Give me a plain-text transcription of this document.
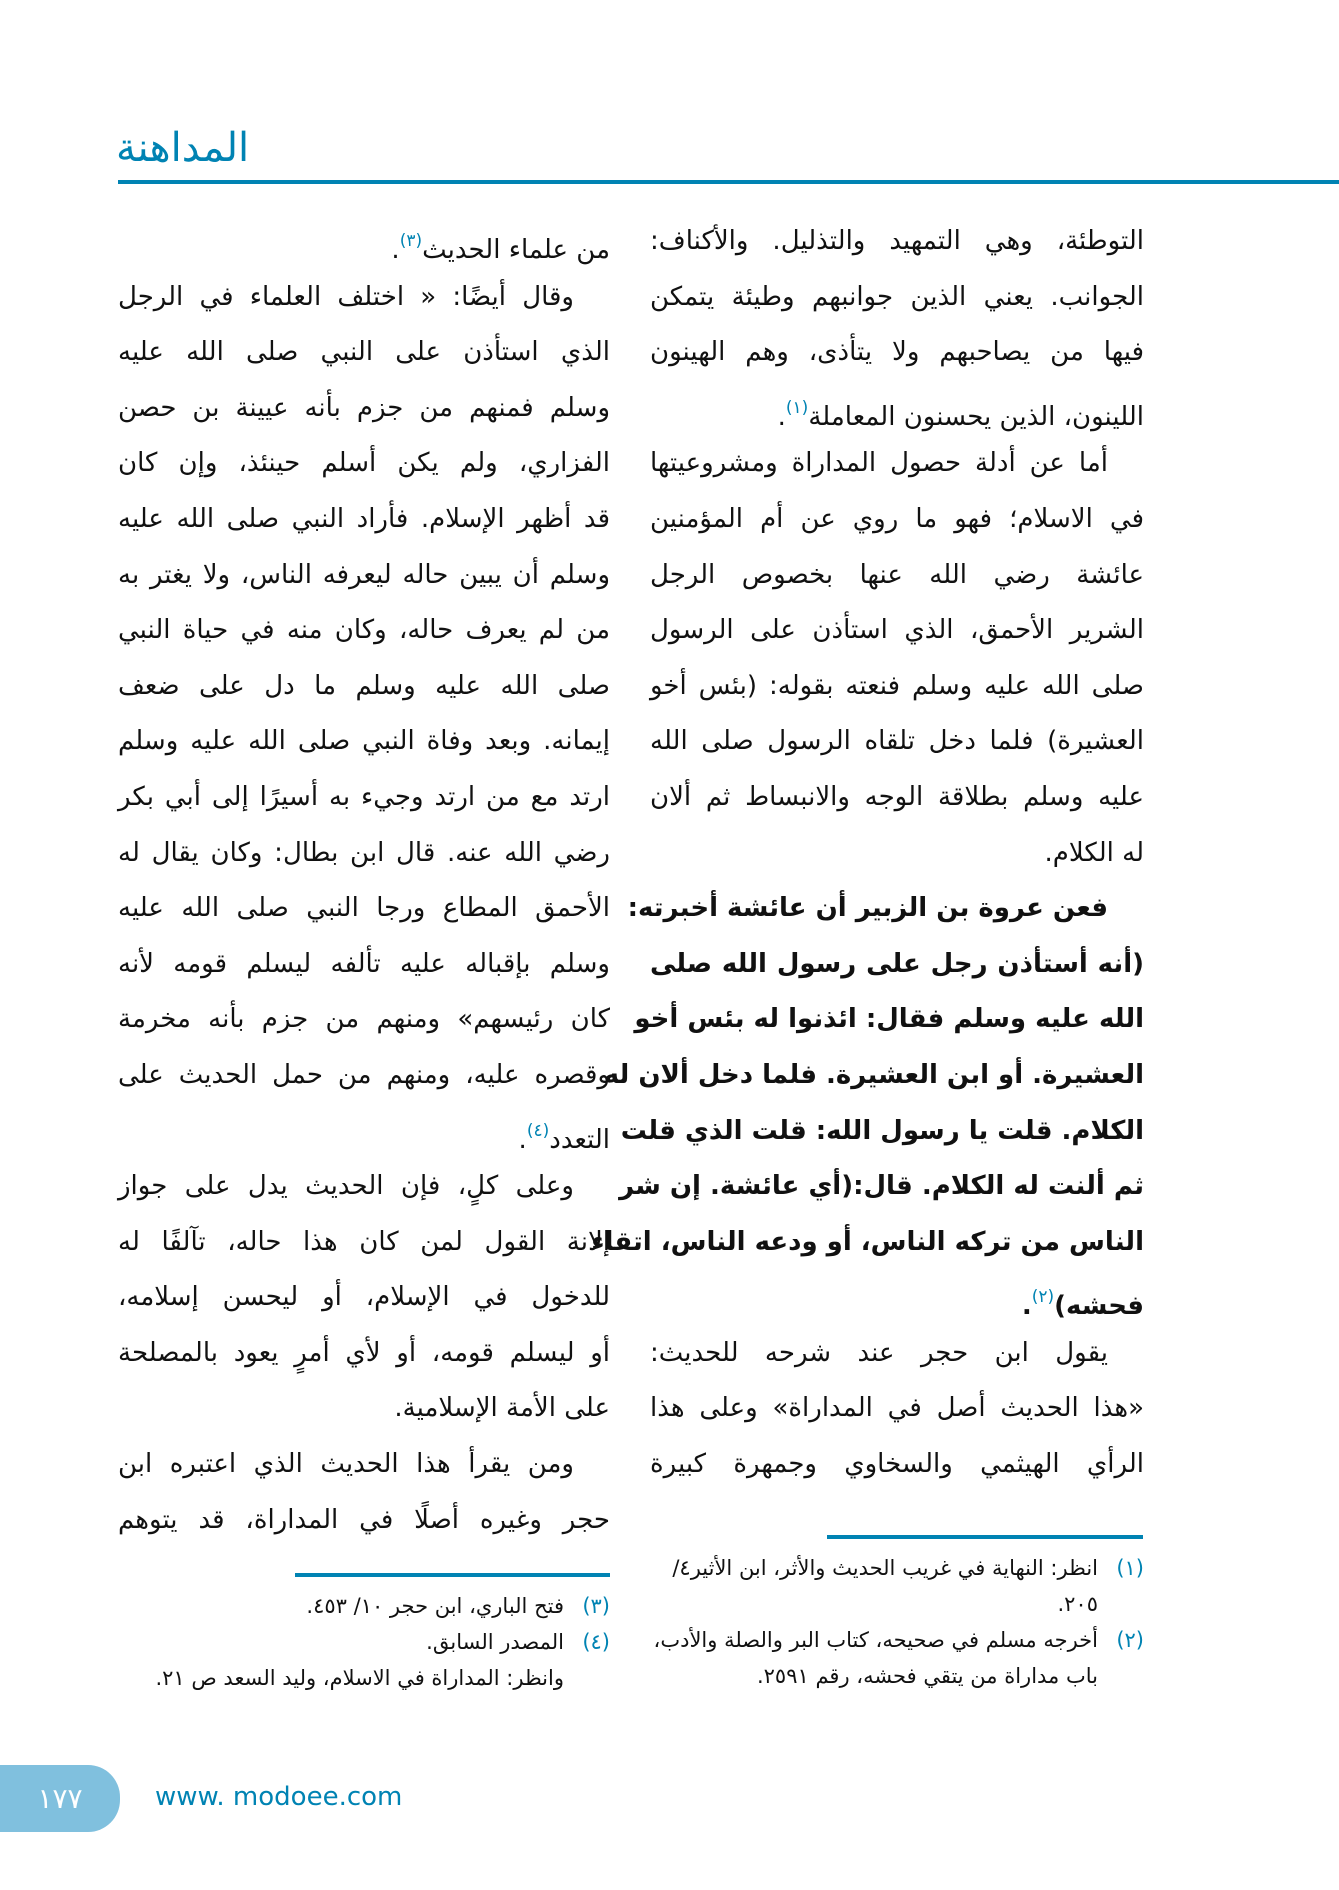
المداهنة
التوطئة، وهي التمهيد والتذليل. والأكناف:
الجوانب. يعني الذين جوانبهم وطيئة يتمكن
فيها من يصاحبهم ولا يتأذى، وهم الهينون
اللينون، الذين يحسنون المعاملة$^{(١)}$.
أما عن أدلة حصول المداراة ومشروعيتها
في الاسلام؛ فهو ما روي عن أم المؤمنين
عائشة رضي الله عنها بخصوص الرجل
الشرير الأحمق، الذي استأذن على الرسول
صلى الله عليه وسلم فنعته بقوله: (بئس أخو
العشيرة) فلما دخل تلقاه الرسول صلى الله
عليه وسلم بطلاقة الوجه والانبساط ثم ألان
له الكلام.
فعن عروة بن الزبير أن عائشة أخبرته:
(أنه أستأذن رجل على رسول الله صلى
الله عليه وسلم فقال: ائذنوا له بئس أخو
العشيرة. أو ابن العشيرة. فلما دخل ألان له
الكلام. قلت يا رسول الله: قلت الذي قلت
ثم ألنت له الكلام. قال:(أي عائشة. إن شر
الناس من تركه الناس، أو ودعه الناس، اتقاء
فحشه)$^{(٢)}$.
يقول ابن حجر عند شرحه للحديث:
«هذا الحديث أصل في المداراة» وعلى هذا
الرأي الهيثمي والسخاوي وجمهرة كبيرة
من علماء الحديث$^{(٣)}$.
وقال أيضًا: « اختلف العلماء في الرجل
الذي استأذن على النبي صلى الله عليه
وسلم فمنهم من جزم بأنه عيينة بن حصن
الفزاري، ولم يكن أسلم حينئذ، وإن كان
قد أظهر الإسلام. فأراد النبي صلى الله عليه
وسلم أن يبين حاله ليعرفه الناس، ولا يغتر به
من لم يعرف حاله، وكان منه في حياة النبي
صلى الله عليه وسلم ما دل على ضعف
إيمانه. وبعد وفاة النبي صلى الله عليه وسلم
ارتد مع من ارتد وجيء به أسيرًا إلى أبي بكر
رضي الله عنه. قال ابن بطال: وكان يقال له
الأحمق المطاع ورجا النبي صلى الله عليه
وسلم بإقباله عليه تألفه ليسلم قومه لأنه
كان رئيسهم» ومنهم من جزم بأنه مخرمة
وقصره عليه، ومنهم من حمل الحديث على
التعدد$^{(٤)}$.
وعلى كلٍ، فإن الحديث يدل على جواز
إلانة القول لمن كان هذا حاله، تآلفًا له
للدخول في الإسلام، أو ليحسن إسلامه،
أو ليسلم قومه، أو لأي أمرٍ يعود بالمصلحة
على الأمة الإسلامية.
ومن يقرأ هذا الحديث الذي اعتبره ابن
حجر وغيره أصلًا في المداراة، قد يتوهم
(١)
انظر: النهاية في غريب الحديث والأثر، ابن الأثير٤/ ٢٠٥.
(٢)
أخرجه مسلم في صحيحه، كتاب البر والصلة والأدب، باب مداراة من يتقي فحشه، رقم ٢٥٩١.
(٣)
فتح الباري، ابن حجر ١٠/ ٤٥٣.
(٤)
المصدر السابق.
وانظر: المداراة في الاسلام، وليد السعد ص ٢١.
١٧٧	www. modoee.com
